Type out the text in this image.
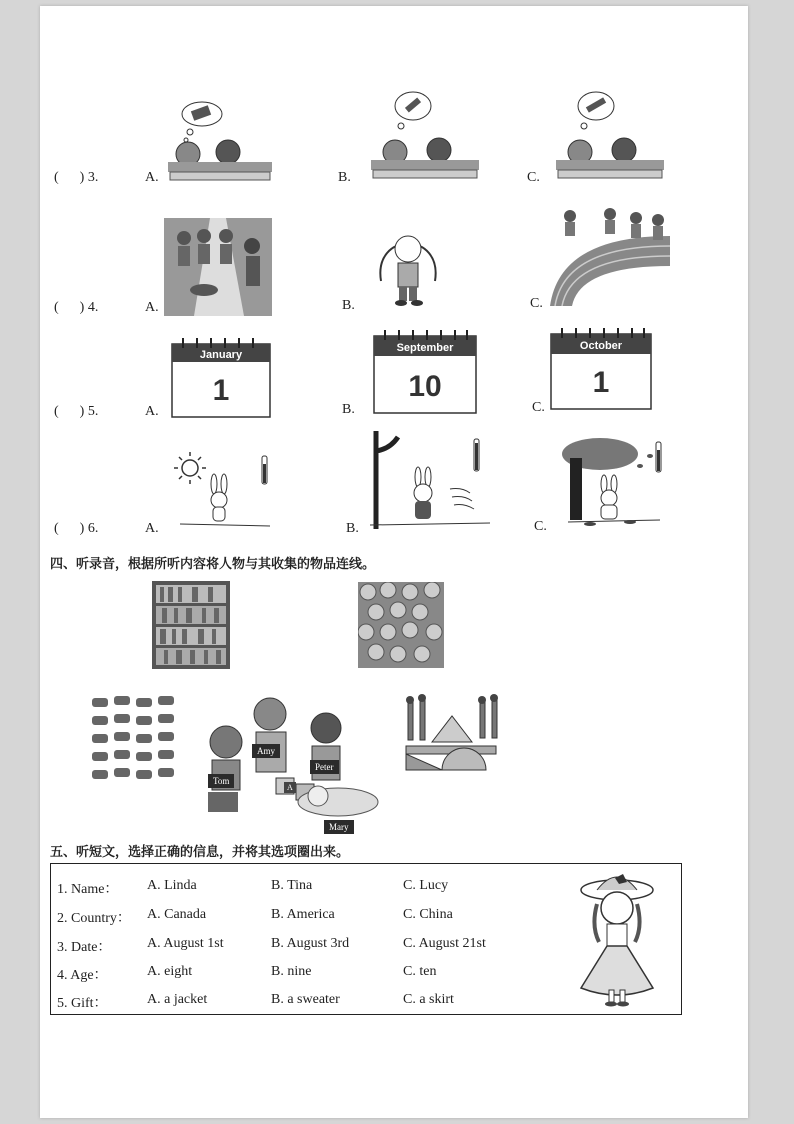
(      ) 3.	A.	B.	C.
(      ) 4.	A.	B.	C.
(      ) 5.	A.	B.	C.
January
1
September
10
October
1
(      ) 6.	A.	B.	C.
四、听录音，根据所听内容将人物与其收集的物品连线。
Amy
Peter
Tom
A
Mary
五、听短文，选择正确的信息，并将其选项圈出来。
1. Name： A. Linda	B. Tina	C. Lucy
2. Country： A. Canada	B. America	C. China
3. Date：	A. August 1st	B. August 3rd	C. August 21st
4. Age：	A. eight	B. nine	C. ten
5. Gift：	A. a jacket	B. a sweater	C. a skirt
